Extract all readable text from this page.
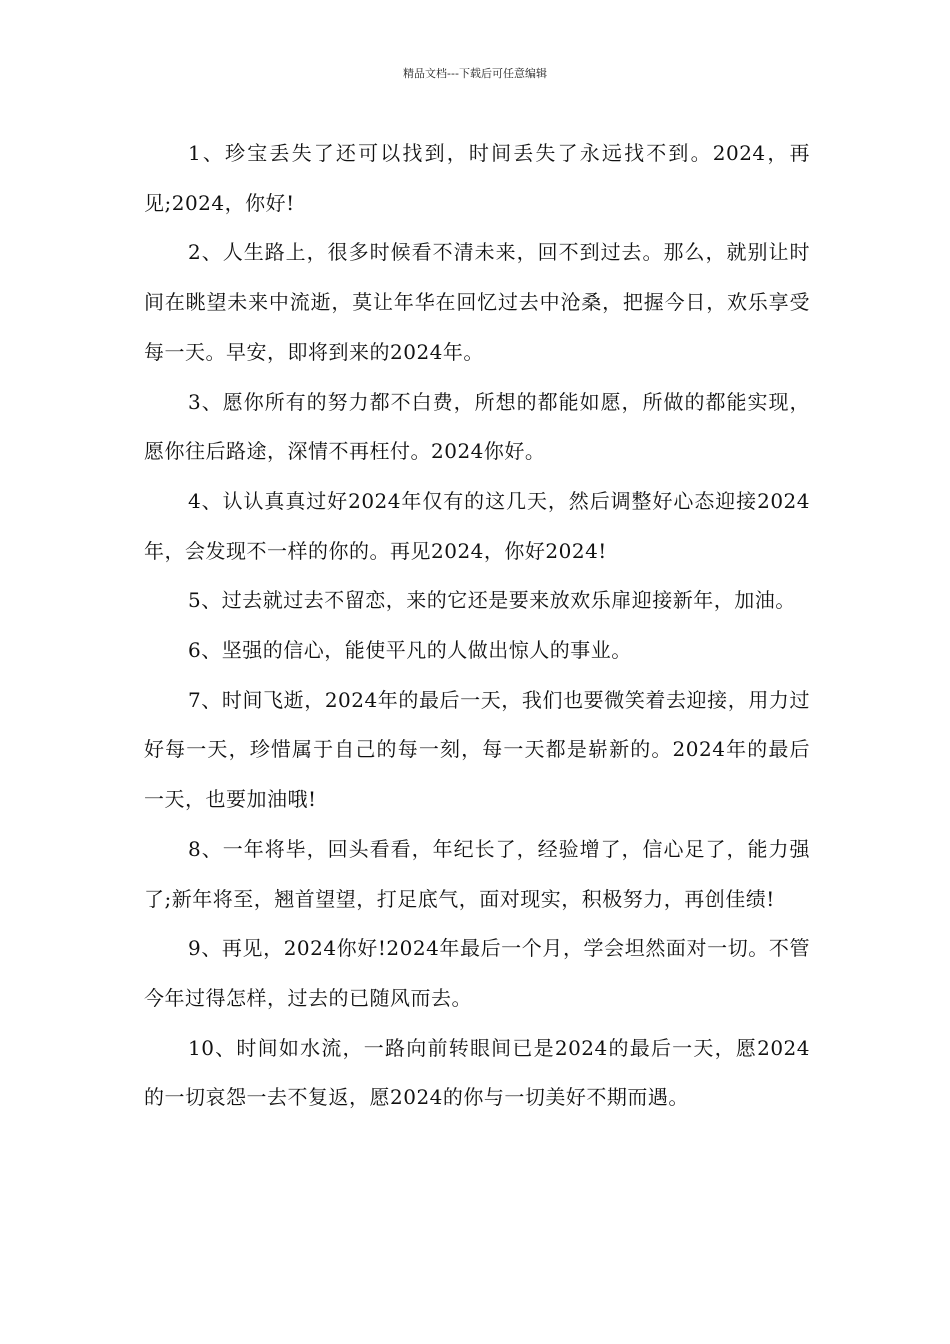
精品文档---下载后可任意编辑

1、珍宝丢失了还可以找到，时间丢失了永远找不到。2024，再见;2024，你好!

2、人生路上，很多时候看不清未来，回不到过去。那么，就别让时间在眺望未来中流逝，莫让年华在回忆过去中沧桑，把握今日，欢乐享受每一天。早安，即将到来的2024年。

3、愿你所有的努力都不白费，所想的都能如愿，所做的都能实现，愿你往后路途，深情不再枉付。2024你好。

4、认认真真过好2024年仅有的这几天，然后调整好心态迎接2024年，会发现不一样的你的。再见2024，你好2024!

5、过去就过去不留恋，来的它还是要来放欢乐扉迎接新年，加油。

6、坚强的信心，能使平凡的人做出惊人的事业。

7、时间飞逝，2024年的最后一天，我们也要微笑着去迎接，用力过好每一天，珍惜属于自己的每一刻，每一天都是崭新的。2024年的最后一天，也要加油哦!

8、一年将毕，回头看看，年纪长了，经验增了，信心足了，能力强了;新年将至，翘首望望，打足底气，面对现实，积极努力，再创佳绩!

9、再见，2024你好!2024年最后一个月，学会坦然面对一切。不管今年过得怎样，过去的已随风而去。

10、时间如水流，一路向前转眼间已是2024的最后一天，愿2024的一切哀怨一去不复返，愿2024的你与一切美好不期而遇。
